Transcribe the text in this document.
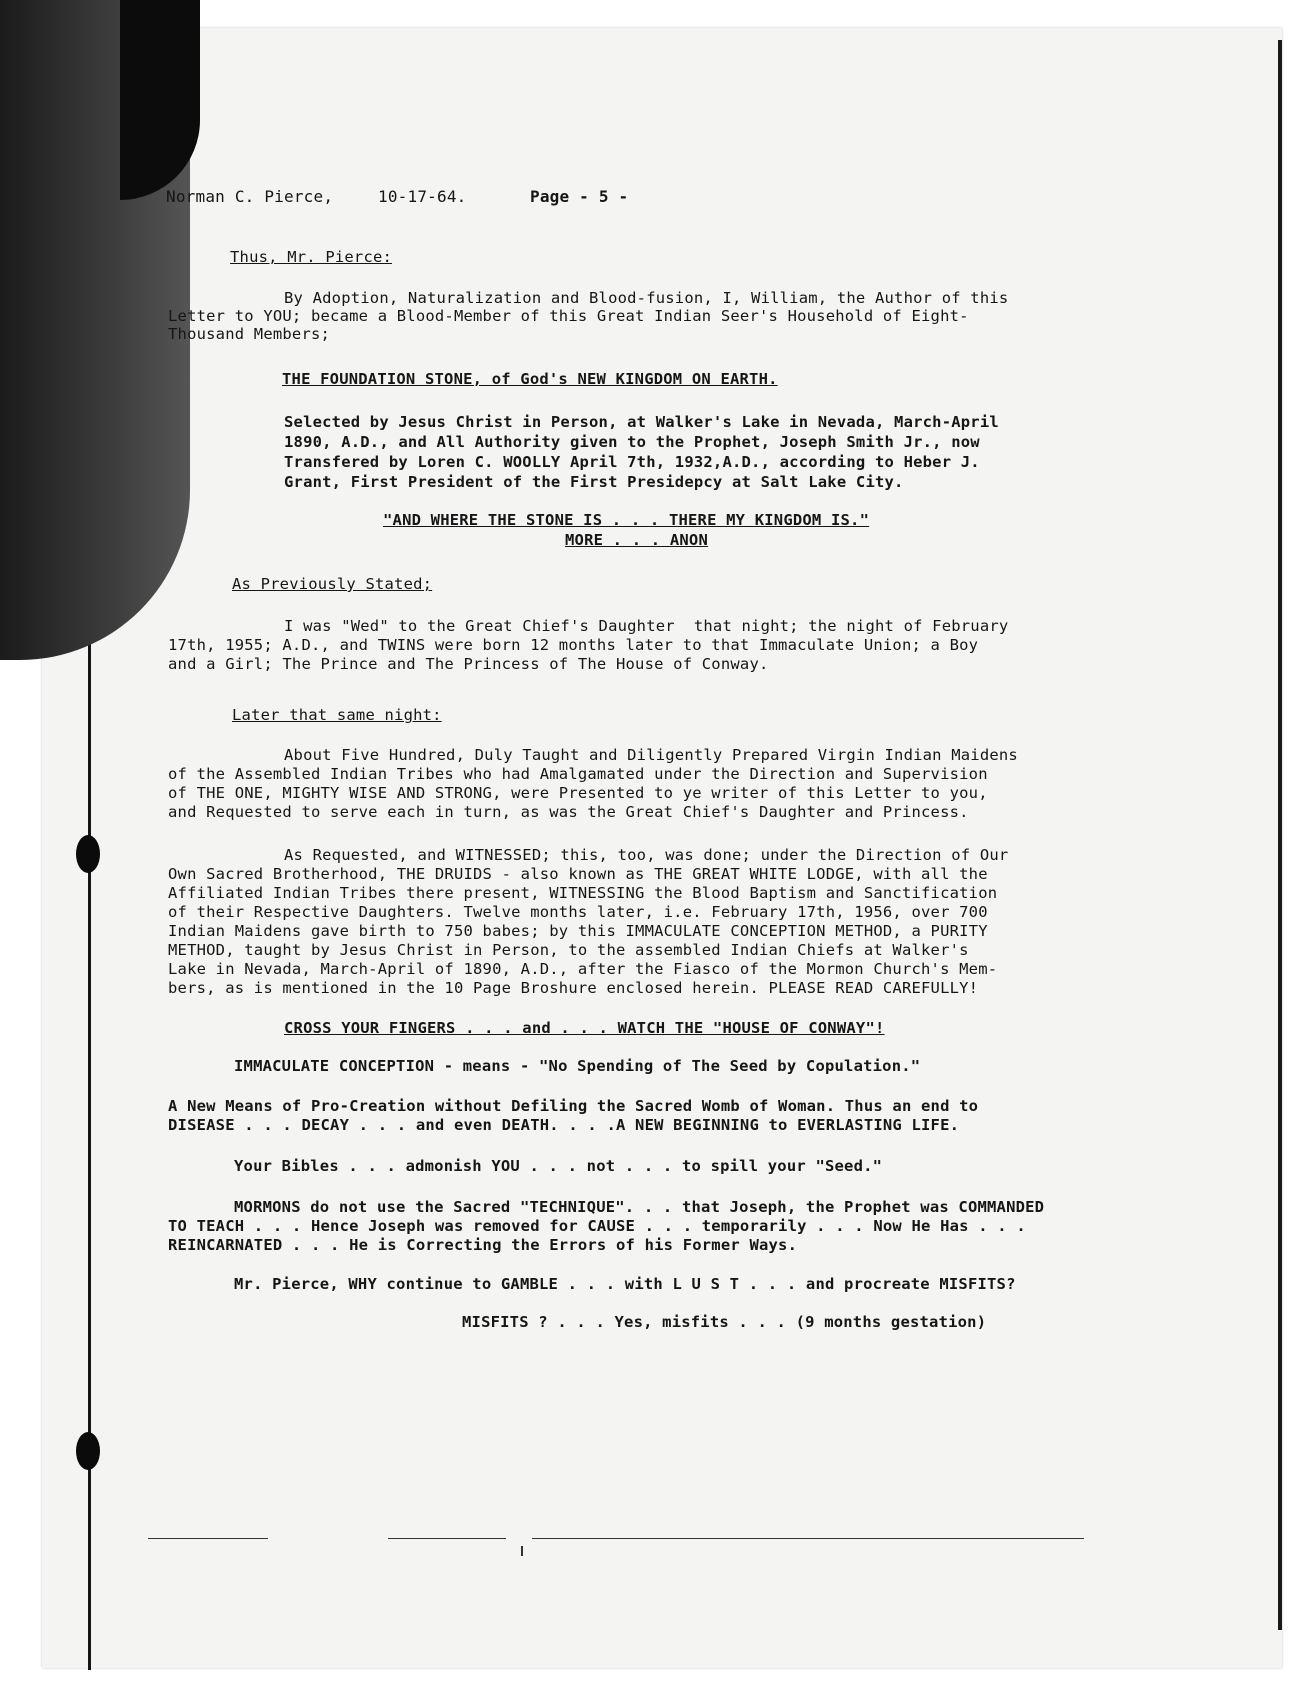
Norman C. Pierce,	10-17-64.	Page - 5 -

Thus, Mr. Pierce:

By Adoption, Naturalization and Blood-fusion, I, William, the Author of this

Letter to YOU; became a Blood-Member of this Great Indian Seer's Household of Eight-

Thousand Members;

THE FOUNDATION STONE, of God's NEW KINGDOM ON EARTH.

Selected by Jesus Christ in Person, at Walker's Lake in Nevada, March-April

1890, A.D., and All Authority given to the Prophet, Joseph Smith Jr., now

Transfered by Loren C. WOOLLY April 7th, 1932,A.D., according to Heber J.

Grant, First President of the First Presidepcy at Salt Lake City.

"AND WHERE THE STONE IS . . . THERE MY KINGDOM IS."

MORE . . . ANON

As Previously Stated;

I was "Wed" to the Great Chief's Daughter  that night; the night of February

17th, 1955; A.D., and TWINS were born 12 months later to that Immaculate Union; a Boy

and a Girl; The Prince and The Princess of The House of Conway.

Later that same night:

About Five Hundred, Duly Taught and Diligently Prepared Virgin Indian Maidens

of the Assembled Indian Tribes who had Amalgamated under the Direction and Supervision

of THE ONE, MIGHTY WISE AND STRONG, were Presented to ye writer of this Letter to you,

and Requested to serve each in turn, as was the Great Chief's Daughter and Princess.

As Requested, and WITNESSED; this, too, was done; under the Direction of Our

Own Sacred Brotherhood, THE DRUIDS - also known as THE GREAT WHITE LODGE, with all the

Affiliated Indian Tribes there present, WITNESSING the Blood Baptism and Sanctification

of their Respective Daughters. Twelve months later, i.e. February 17th, 1956, over 700

Indian Maidens gave birth to 750 babes; by this IMMACULATE CONCEPTION METHOD, a PURITY

METHOD, taught by Jesus Christ in Person, to the assembled Indian Chiefs at Walker's

Lake in Nevada, March-April of 1890, A.D., after the Fiasco of the Mormon Church's Mem-

bers, as is mentioned in the 10 Page Broshure enclosed herein. PLEASE READ CAREFULLY!

CROSS YOUR FINGERS . . . and . . . WATCH THE "HOUSE OF CONWAY"!

IMMACULATE CONCEPTION - means - "No Spending of The Seed by Copulation."

A New Means of Pro-Creation without Defiling the Sacred Womb of Woman. Thus an end to

DISEASE . . . DECAY . . . and even DEATH. . . .A NEW BEGINNING to EVERLASTING LIFE.

Your Bibles . . . admonish YOU . . . not . . . to spill your "Seed."

MORMONS do not use the Sacred "TECHNIQUE". . . that Joseph, the Prophet was COMMANDED

TO TEACH . . . Hence Joseph was removed for CAUSE . . . temporarily . . . Now He Has . . .

REINCARNATED . . . He is Correcting the Errors of his Former Ways.

Mr. Pierce, WHY continue to GAMBLE . . . with L U S T . . . and procreate MISFITS?

MISFITS ? . . . Yes, misfits . . . (9 months gestation)
